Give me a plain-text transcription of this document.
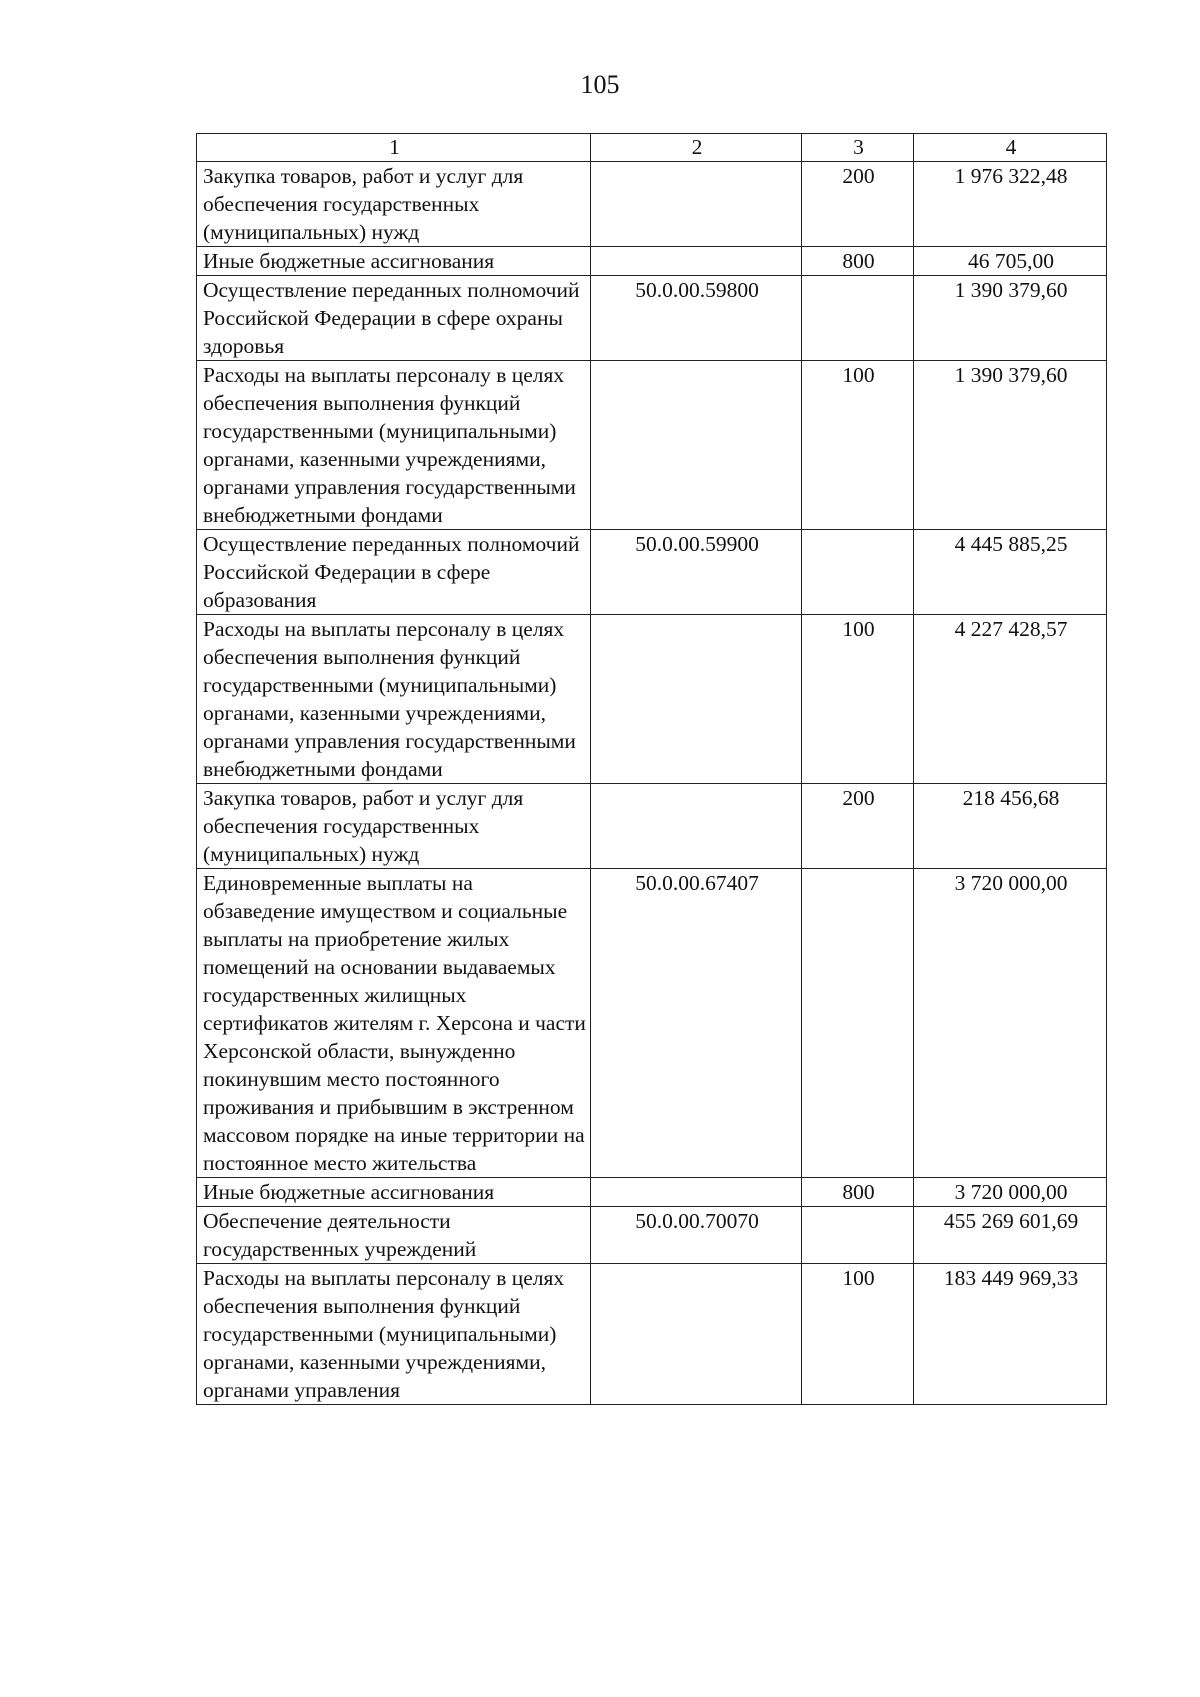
105
1	2	3	4
Закупка товаров, работ и услуг для обеспечения государственных (муниципальных) нужд		200	1 976 322,48
Иные бюджетные ассигнования		800	46 705,00
Осуществление переданных полномочий Российской Федерации в сфере охраны здоровья	50.0.00.59800		1 390 379,60
Расходы на выплаты персоналу в целях обеспечения выполнения функций государственными (муниципальными) органами, казенными учреждениями, органами управления государственными внебюджетными фондами		100	1 390 379,60
Осуществление переданных полномочий Российской Федерации в сфере образования	50.0.00.59900		4 445 885,25
Расходы на выплаты персоналу в целях обеспечения выполнения функций государственными (муниципальными) органами, казенными учреждениями, органами управления государственными внебюджетными фондами		100	4 227 428,57
Закупка товаров, работ и услуг для обеспечения государственных (муниципальных) нужд		200	218 456,68
Единовременные выплаты на обзаведение имуществом и социальные выплаты на приобретение жилых помещений на основании выдаваемых государственных жилищных сертификатов жителям г. Херсона и части Херсонской области, вынужденно покинувшим место постоянного проживания и прибывшим в экстренном массовом порядке на иные территории на постоянное место жительства	50.0.00.67407		3 720 000,00
Иные бюджетные ассигнования		800	3 720 000,00
Обеспечение деятельности государственных учреждений	50.0.00.70070		455 269 601,69
Расходы на выплаты персоналу в целях обеспечения выполнения функций государственными (муниципальными) органами, казенными учреждениями, органами управления		100	183 449 969,33
